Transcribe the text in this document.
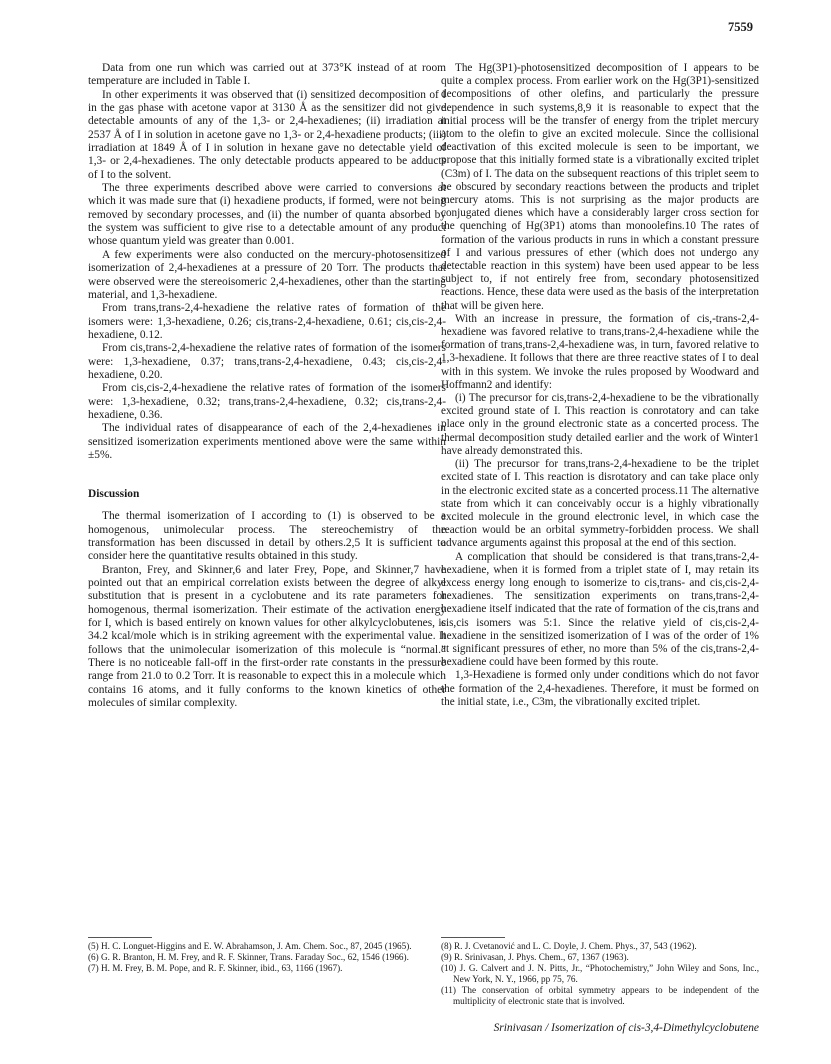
7559

Data from one run which was carried out at 373°K instead of at room temperature are included in Table I.

In other experiments it was observed that (i) sensitized decomposition of I in the gas phase with acetone vapor at 3130 Å as the sensitizer did not give detectable amounts of any of the 1,3- or 2,4-hexadienes; (ii) irradiation at 2537 Å of I in solution in acetone gave no 1,3- or 2,4-hexadiene products; (iii) irradiation at 1849 Å of I in solution in hexane gave no detectable yield of 1,3- or 2,4-hexadienes. The only detectable products appeared to be adducts of I to the solvent.

The three experiments described above were carried to conversions at which it was made sure that (i) hexadiene products, if formed, were not being removed by secondary processes, and (ii) the number of quanta absorbed by the system was sufficient to give rise to a detectable amount of any product whose quantum yield was greater than 0.001.

A few experiments were also conducted on the mercury-photosensitized isomerization of 2,4-hexadienes at a pressure of 20 Torr. The products that were observed were the stereoisomeric 2,4-hexadienes, other than the starting material, and 1,3-hexadiene.

From trans,trans-2,4-hexadiene the relative rates of formation of the isomers were: 1,3-hexadiene, 0.26; cis,trans-2,4-hexadiene, 0.61; cis,cis-2,4-hexadiene, 0.12.

From cis,trans-2,4-hexadiene the relative rates of formation of the isomers were: 1,3-hexadiene, 0.37; trans,trans-2,4-hexadiene, 0.43; cis,cis-2,4-hexadiene, 0.20.

From cis,cis-2,4-hexadiene the relative rates of formation of the isomers were: 1,3-hexadiene, 0.32; trans,trans-2,4-hexadiene, 0.32; cis,trans-2,4-hexadiene, 0.36.

The individual rates of disappearance of each of the 2,4-hexadienes in sensitized isomerization experiments mentioned above were the same within ±5%.

Discussion

The thermal isomerization of I according to (1) is observed to be a homogenous, unimolecular process. The stereochemistry of the transformation has been discussed in detail by others.2,5 It is sufficient to consider here the quantitative results obtained in this study.

Branton, Frey, and Skinner,6 and later Frey, Pope, and Skinner,7 have pointed out that an empirical correlation exists between the degree of alkyl substitution that is present in a cyclobutene and its rate parameters for homogenous, thermal isomerization. Their estimate of the activation energy for I, which is based entirely on known values for other alkylcyclobutenes, is 34.2 kcal/mole which is in striking agreement with the experimental value. It follows that the unimolecular isomerization of this molecule is “normal.” There is no noticeable fall-off in the first-order rate constants in the pressure range from 21.0 to 0.2 Torr. It is reasonable to expect this in a molecule which contains 16 atoms, and it fully conforms to the known kinetics of other molecules of similar complexity.

The Hg(3P1)-photosensitized decomposition of I appears to be quite a complex process. From earlier work on the Hg(3P1)-sensitized decompositions of other olefins, and particularly the pressure dependence in such systems,8,9 it is reasonable to expect that the initial process will be the transfer of energy from the triplet mercury atom to the olefin to give an excited molecule. Since the collisional deactivation of this excited molecule is seen to be important, we propose that this initially formed state is a vibrationally excited triplet (C3m) of I. The data on the subsequent reactions of this triplet seem to be obscured by secondary reactions between the products and triplet mercury atoms. This is not surprising as the major products are conjugated dienes which have a considerably larger cross section for the quenching of Hg(3P1) atoms than monoolefins.10 The rates of formation of the various products in runs in which a constant pressure of I and various pressures of ether (which does not undergo any detectable reaction in this system) have been used appear to be less subject to, if not entirely free from, secondary photosensitized reactions. Hence, these data were used as the basis of the interpretation that will be given here.

With an increase in pressure, the formation of cis,-trans-2,4-hexadiene was favored relative to trans,trans-2,4-hexadiene while the formation of trans,trans-2,4-hexadiene was, in turn, favored relative to 1,3-hexadiene. It follows that there are three reactive states of I to deal with in this system. We invoke the rules proposed by Woodward and Hoffmann2 and identify:

(i) The precursor for cis,trans-2,4-hexadiene to be the vibrationally excited ground state of I. This reaction is conrotatory and can take place only in the ground electronic state as a concerted process. The thermal decomposition study detailed earlier and the work of Winter1 have already demonstrated this.

(ii) The precursor for trans,trans-2,4-hexadiene to be the triplet excited state of I. This reaction is disrotatory and can take place only in the electronic excited state as a concerted process.11 The alternative state from which it can conceivably occur is a highly vibrationally excited molecule in the ground electronic level, in which case the reaction would be an orbital symmetry-forbidden process. We shall advance arguments against this proposal at the end of this section.

A complication that should be considered is that trans,trans-2,4-hexadiene, when it is formed from a triplet state of I, may retain its excess energy long enough to isomerize to cis,trans- and cis,cis-2,4-hexadienes. The sensitization experiments on trans,trans-2,4-hexadiene itself indicated that the rate of formation of the cis,trans and cis,cis isomers was 5:1. Since the relative yield of cis,cis-2,4-hexadiene in the sensitized isomerization of I was of the order of 1% at significant pressures of ether, no more than 5% of the cis,trans-2,4-hexadiene could have been formed by this route.

1,3-Hexadiene is formed only under conditions which do not favor the formation of the 2,4-hexadienes. Therefore, it must be formed on the initial state, i.e., C3m, the vibrationally excited triplet.

(5) H. C. Longuet-Higgins and E. W. Abrahamson, J. Am. Chem. Soc., 87, 2045 (1965).

(6) G. R. Branton, H. M. Frey, and R. F. Skinner, Trans. Faraday Soc., 62, 1546 (1966).

(7) H. M. Frey, B. M. Pope, and R. F. Skinner, ibid., 63, 1166 (1967).

(8) R. J. Cvetanović and L. C. Doyle, J. Chem. Phys., 37, 543 (1962).

(9) R. Srinivasan, J. Phys. Chem., 67, 1367 (1963).

(10) J. G. Calvert and J. N. Pitts, Jr., “Photochemistry,” John Wiley and Sons, Inc., New York, N. Y., 1966, pp 75, 76.

(11) The conservation of orbital symmetry appears to be independent of the multiplicity of electronic state that is involved.

Srinivasan / Isomerization of cis-3,4-Dimethylcyclobutene
